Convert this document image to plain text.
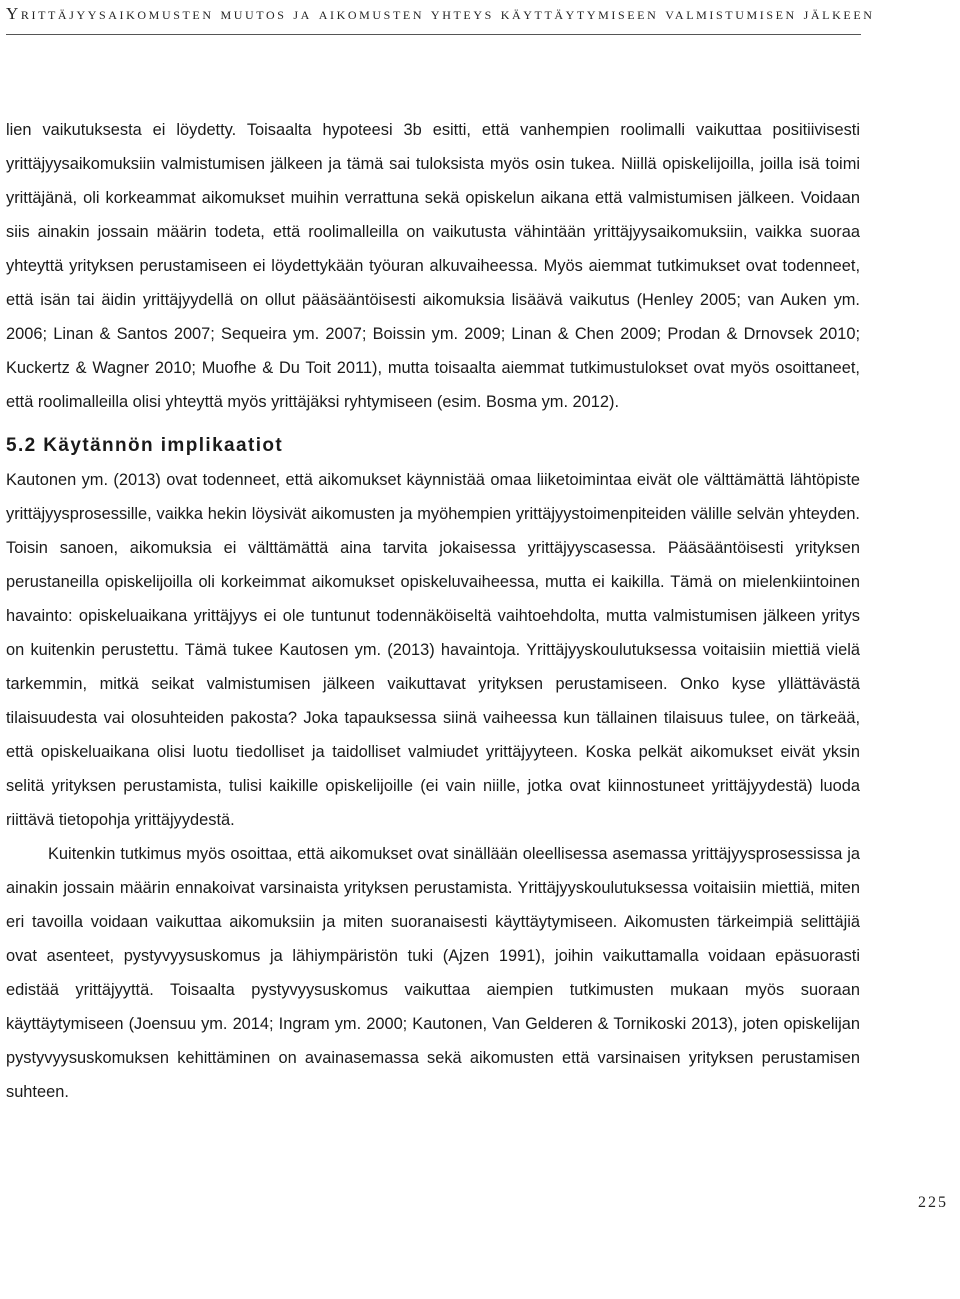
Yrittäjyysaikomusten muutos ja aikomusten yhteys käyttäytymiseen valmistumisen jälkeen

lien vaikutuksesta ei löydetty. Toisaalta hypoteesi 3b esitti, että vanhempien roolimalli vaikuttaa positiivisesti yrittäjyysaikomuksiin valmistumisen jälkeen ja tämä sai tuloksista myös osin tukea. Niillä opiskelijoilla, joilla isä toimi yrittäjänä, oli korkeammat aikomukset muihin verrattuna sekä opiskelun aikana että valmistumisen jälkeen. Voidaan siis ainakin jossain määrin todeta, että roolimalleilla on vaikutusta vähintään yrittäjyysaikomuksiin, vaikka suoraa yhteyttä yrityksen perustamiseen ei löydettykään työuran alkuvaiheessa. Myös aiemmat tutkimukset ovat todenneet, että isän tai äidin yrittäjyydellä on ollut pääsääntöisesti aikomuksia lisäävä vaikutus (Henley 2005; van Auken ym. 2006; Linan & Santos 2007; Sequeira ym. 2007; Boissin ym. 2009; Linan & Chen 2009; Prodan & Drnovsek 2010; Kuckertz & Wagner 2010; Muofhe & Du Toit 2011), mutta toisaalta aiemmat tutkimustulokset ovat myös osoittaneet, että roolimalleilla olisi yhteyttä myös yrittäjäksi ryhtymiseen (esim. Bosma ym. 2012).

5.2 Käytännön implikaatiot

Kautonen ym. (2013) ovat todenneet, että aikomukset käynnistää omaa liiketoimintaa eivät ole välttämättä lähtöpiste yrittäjyysprosessille, vaikka hekin löysivät aikomusten ja myöhempien yrittäjyystoimenpiteiden välille selvän yhteyden. Toisin sanoen, aikomuksia ei välttämättä aina tarvita jokaisessa yrittäjyyscasessa. Pääsääntöisesti yrityksen perustaneilla opiskelijoilla oli korkeimmat aikomukset opiskeluvaiheessa, mutta ei kaikilla. Tämä on mielenkiintoinen havainto: opiskeluaikana yrittäjyys ei ole tuntunut todennäköiseltä vaihtoehdolta, mutta valmistumisen jälkeen yritys on kuitenkin perustettu. Tämä tukee Kautosen ym. (2013) havaintoja. Yrittäjyyskoulutuksessa voitaisiin miettiä vielä tarkemmin, mitkä seikat valmistumisen jälkeen vaikuttavat yrityksen perustamiseen. Onko kyse yllättävästä tilaisuudesta vai olosuhteiden pakosta? Joka tapauksessa siinä vaiheessa kun tällainen tilaisuus tulee, on tärkeää, että opiskeluaikana olisi luotu tiedolliset ja taidolliset valmiudet yrittäjyyteen. Koska pelkät aikomukset eivät yksin selitä yrityksen perustamista, tulisi kaikille opiskelijoille (ei vain niille, jotka ovat kiinnostuneet yrittäjyydestä) luoda riittävä tietopohja yrittäjyydestä.

Kuitenkin tutkimus myös osoittaa, että aikomukset ovat sinällään oleellisessa asemassa yrittäjyysprosessissa ja ainakin jossain määrin ennakoivat varsinaista yrityksen perustamista. Yrittäjyyskoulutuksessa voitaisiin miettiä, miten eri tavoilla voidaan vaikuttaa aikomuksiin ja miten suoranaisesti käyttäytymiseen. Aikomusten tärkeimpiä selittäjiä ovat asenteet, pystyvyysuskomus ja lähiympäristön tuki (Ajzen 1991), joihin vaikuttamalla voidaan epäsuorasti edistää yrittäjyyttä. Toisaalta pystyvyysuskomus vaikuttaa aiempien tutkimusten mukaan myös suoraan käyttäytymiseen (Joensuu ym. 2014; Ingram ym. 2000; Kautonen, Van Gelderen & Tornikoski 2013), joten opiskelijan pystyvyysuskomuksen kehittäminen on avainasemassa sekä aikomusten että varsinaisen yrityksen perustamisen suhteen.

225
